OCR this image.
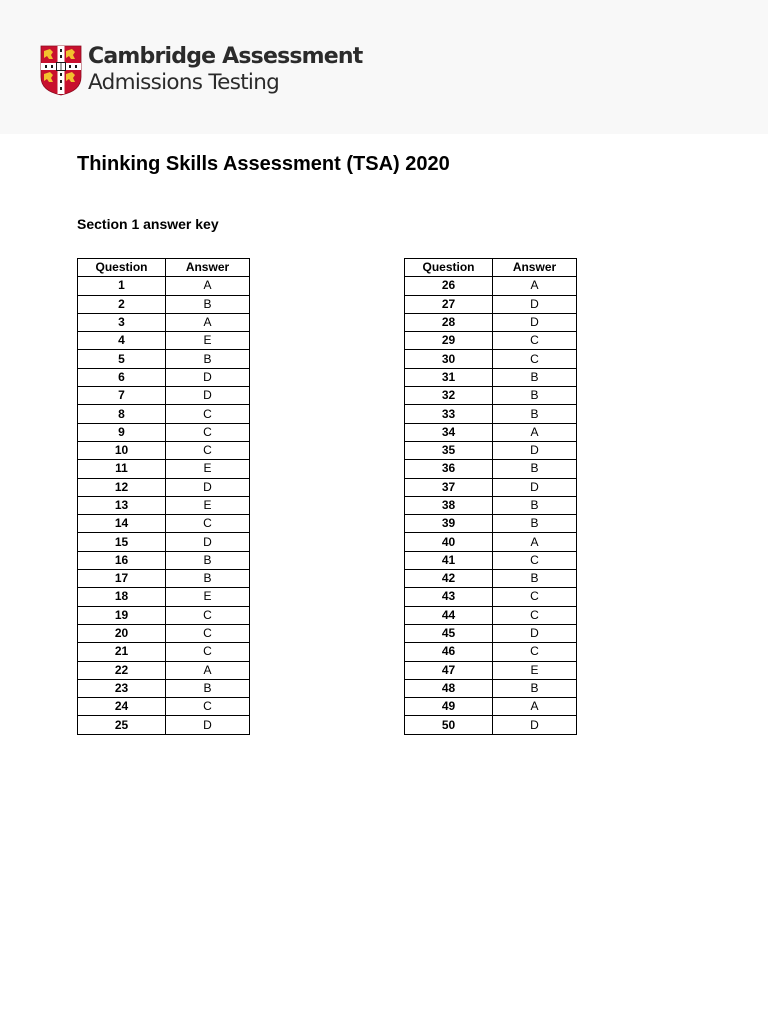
Cambridge Assessment
Admissions Testing
Thinking Skills Assessment (TSA) 2020
Section 1 answer key
Question	Answer
1	A
2	B
3	A
4	E
5	B
6	D
7	D
8	C
9	C
10	C
11	E
12	D
13	E
14	C
15	D
16	B
17	B
18	E
19	C
20	C
21	C
22	A
23	B
24	C
25	D
Question	Answer
26	A
27	D
28	D
29	C
30	C
31	B
32	B
33	B
34	A
35	D
36	B
37	D
38	B
39	B
40	A
41	C
42	B
43	C
44	C
45	D
46	C
47	E
48	B
49	A
50	D
